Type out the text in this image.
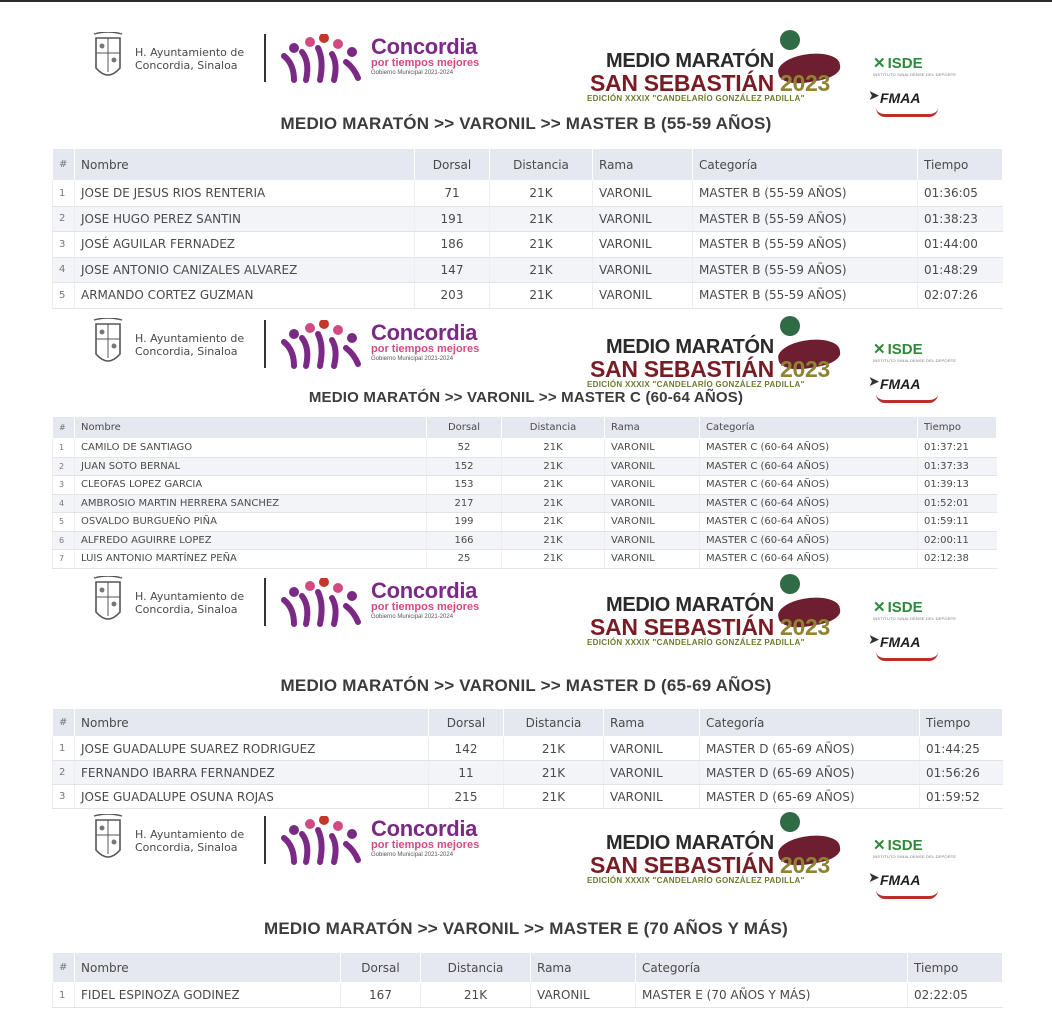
H. Ayuntamiento de
Concordia, Sinaloa
Concordia
por tiempos mejores
Gobierno Municipal 2021-2024
MEDIO MARATÓN
SAN SEBASTIÁN 2023
EDICIÓN XXXIX "CANDELARÍO GONZÁLEZ PADILLA"
✕ ISDE
INSTITUTO SINALOENSE DEL DEPORTE
➤ FMAA
MEDIO MARATÓN >> VARONIL >> MASTER B (55-59 AÑOS)
#	Nombre	Dorsal	Distancia	Rama	Categoría	Tiempo
1	JOSE DE JESUS RIOS RENTERIA	71	21K	VARONIL	MASTER B (55-59 AÑOS)	01:36:05
2	JOSE HUGO PEREZ SANTIN	191	21K	VARONIL	MASTER B (55-59 AÑOS)	01:38:23
3	JOSÉ AGUILAR FERNADEZ	186	21K	VARONIL	MASTER B (55-59 AÑOS)	01:44:00
4	JOSE ANTONIO CANIZALES ALVAREZ	147	21K	VARONIL	MASTER B (55-59 AÑOS)	01:48:29
5	ARMANDO CORTEZ GUZMAN	203	21K	VARONIL	MASTER B (55-59 AÑOS)	02:07:26
H. Ayuntamiento de
Concordia, Sinaloa
Concordia
por tiempos mejores
Gobierno Municipal 2021-2024
MEDIO MARATÓN
SAN SEBASTIÁN 2023
EDICIÓN XXXIX "CANDELARÍO GONZÁLEZ PADILLA"
✕ ISDE
INSTITUTO SINALOENSE DEL DEPORTE
➤ FMAA
MEDIO MARATÓN >> VARONIL >> MASTER C (60-64 AÑOS)
#	Nombre	Dorsal	Distancia	Rama	Categoría	Tiempo
1	CAMILO DE SANTIAGO	52	21K	VARONIL	MASTER C (60-64 AÑOS)	01:37:21
2	JUAN SOTO BERNAL	152	21K	VARONIL	MASTER C (60-64 AÑOS)	01:37:33
3	CLEOFAS LOPEZ GARCIA	153	21K	VARONIL	MASTER C (60-64 AÑOS)	01:39:13
4	AMBROSIO MARTIN HERRERA SANCHEZ	217	21K	VARONIL	MASTER C (60-64 AÑOS)	01:52:01
5	OSVALDO BURGUEÑO PIÑA	199	21K	VARONIL	MASTER C (60-64 AÑOS)	01:59:11
6	ALFREDO AGUIRRE LOPEZ	166	21K	VARONIL	MASTER C (60-64 AÑOS)	02:00:11
7	LUIS ANTONIO MARTÍNEZ PEÑA	25	21K	VARONIL	MASTER C (60-64 AÑOS)	02:12:38
H. Ayuntamiento de
Concordia, Sinaloa
Concordia
por tiempos mejores
Gobierno Municipal 2021-2024
MEDIO MARATÓN
SAN SEBASTIÁN 2023
EDICIÓN XXXIX "CANDELARÍO GONZÁLEZ PADILLA"
✕ ISDE
INSTITUTO SINALOENSE DEL DEPORTE
➤ FMAA
MEDIO MARATÓN >> VARONIL >> MASTER D (65-69 AÑOS)
#	Nombre	Dorsal	Distancia	Rama	Categoría	Tiempo
1	JOSE GUADALUPE SUAREZ RODRIGUEZ	142	21K	VARONIL	MASTER D (65-69 AÑOS)	01:44:25
2	FERNANDO IBARRA FERNANDEZ	11	21K	VARONIL	MASTER D (65-69 AÑOS)	01:56:26
3	JOSE GUADALUPE OSUNA ROJAS	215	21K	VARONIL	MASTER D (65-69 AÑOS)	01:59:52
H. Ayuntamiento de
Concordia, Sinaloa
Concordia
por tiempos mejores
Gobierno Municipal 2021-2024
MEDIO MARATÓN
SAN SEBASTIÁN 2023
EDICIÓN XXXIX "CANDELARÍO GONZÁLEZ PADILLA"
✕ ISDE
INSTITUTO SINALOENSE DEL DEPORTE
➤ FMAA
MEDIO MARATÓN >> VARONIL >> MASTER E (70 AÑOS Y MÁS)
#	Nombre	Dorsal	Distancia	Rama	Categoría	Tiempo
1	FIDEL ESPINOZA GODINEZ	167	21K	VARONIL	MASTER E (70 AÑOS Y MÁS)	02:22:05
